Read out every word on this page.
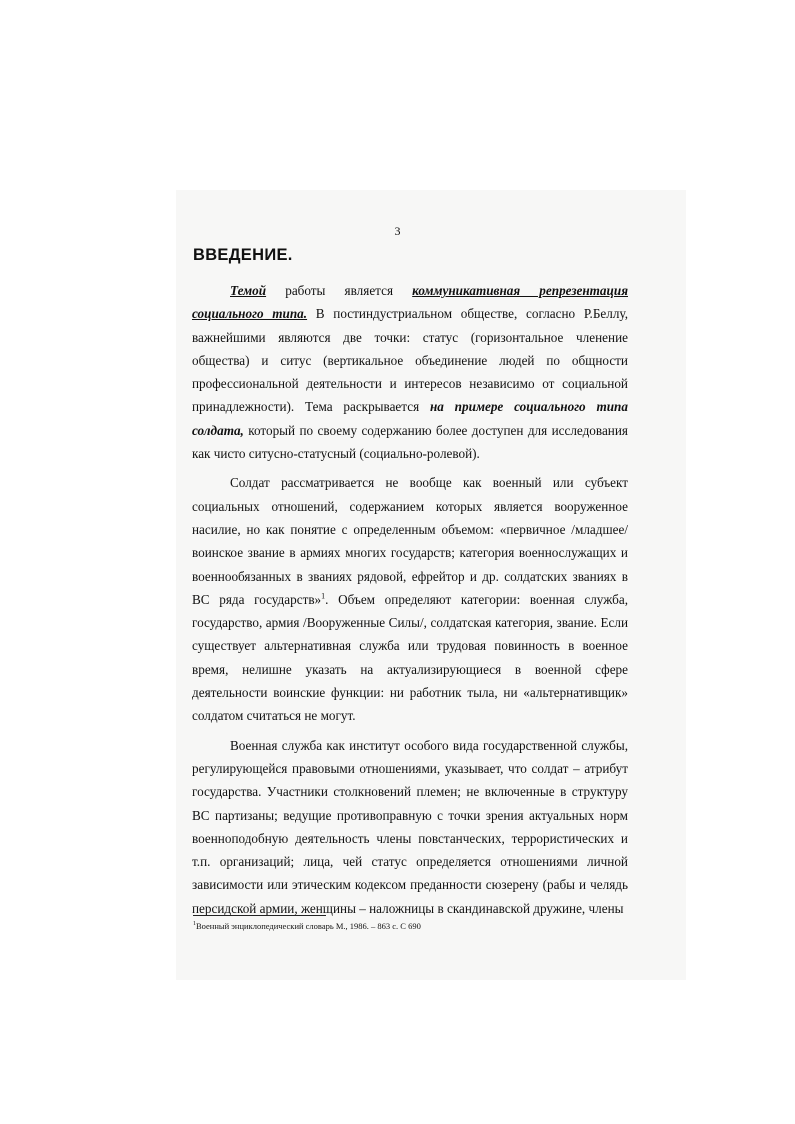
3
ВВЕДЕНИЕ.

Темой работы является коммуникативная репрезентация социального типа. В постиндустриальном обществе, согласно Р.Беллу, важнейшими являются две точки: статус (горизонтальное членение общества) и ситус (вертикальное объединение людей по общности профессиональной деятельности и интересов независимо от социальной принадлежности). Тема раскрывается на примере социального типа солдата, который по своему содержанию более доступен для исследования как чисто ситусно-статусный (социально-ролевой).

Солдат рассматривается не вообще как военный или субъект социальных отношений, содержанием которых является вооруженное насилие, но как понятие с определенным объемом: «первичное /младшее/ воинское звание в армиях многих государств; категория военнослужащих и военнообязанных в званиях рядовой, ефрейтор и др. солдатских званиях в ВС ряда государств»$^1$. Объем определяют категории: военная служба, государство, армия /Вооруженные Силы/, солдатская категория, звание. Если существует альтернативная служба или трудовая повинность в военное время, нелишне указать на актуализирующиеся в военной сфере деятельности воинские функции: ни работник тыла, ни «альтернативщик» солдатом считаться не могут.

Военная служба как институт особого вида государственной службы, регулирующейся правовыми отношениями, указывает, что солдат – атрибут государства. Участники столкновений племен; не включенные в структуру ВС партизаны; ведущие противоправную с точки зрения актуальных норм военноподобную деятельность члены повстанческих, террористических и т.п. организаций; лица, чей статус определяется отношениями личной зависимости или этическим кодексом преданности сюзерену (рабы и челядь персидской армии, женщины – наложницы в скандинавской дружине, члены

$^1$Военный энциклопедический словарь М., 1986. – 863 с. С 690
